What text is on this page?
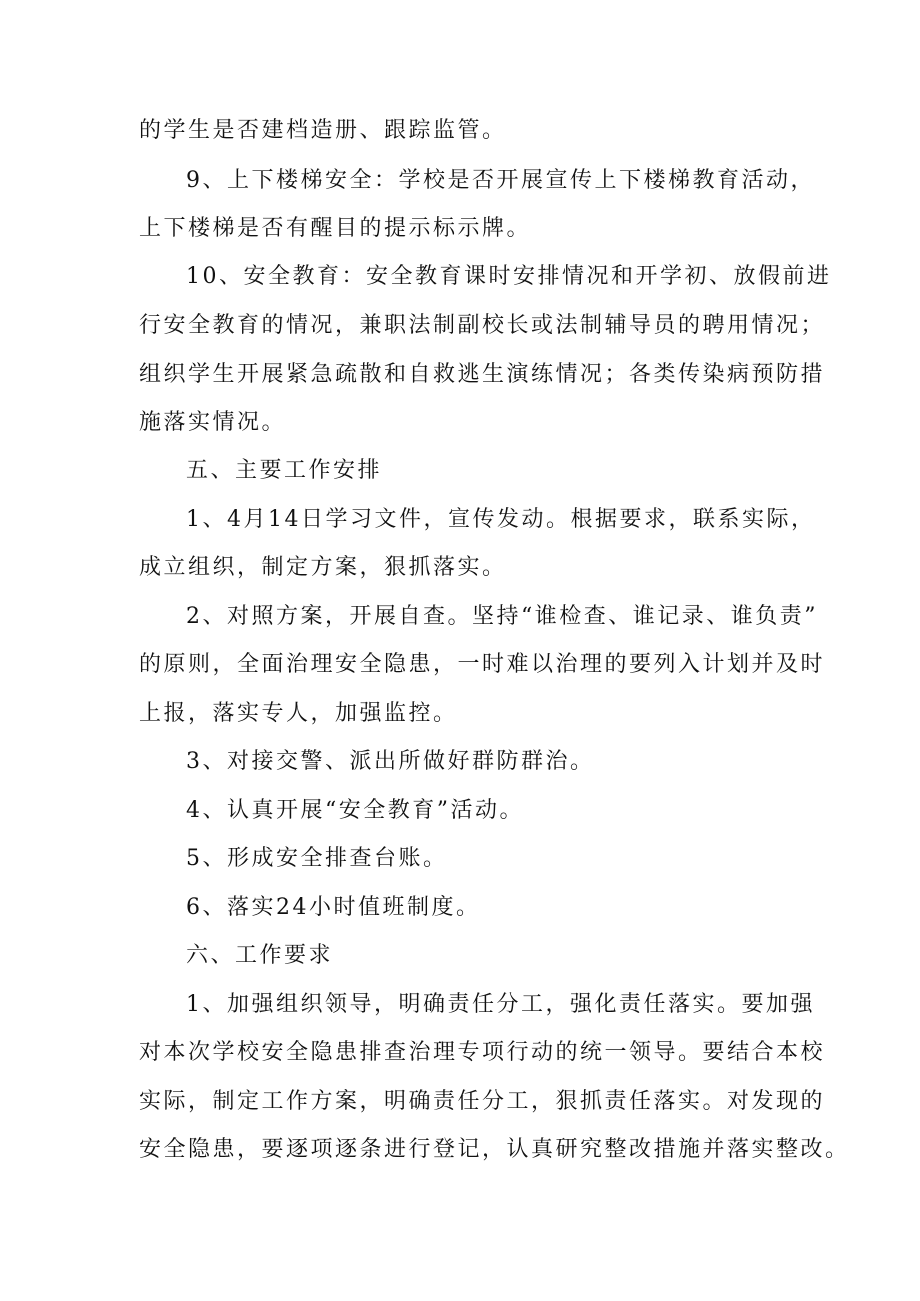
的学生是否建档造册、跟踪监管。
9、上下楼梯安全：学校是否开展宣传上下楼梯教育活动，
上下楼梯是否有醒目的提示标示牌。
10、安全教育：安全教育课时安排情况和开学初、放假前进
行安全教育的情况，兼职法制副校长或法制辅导员的聘用情况；
组织学生开展紧急疏散和自救逃生演练情况；各类传染病预防措
施落实情况。
五、主要工作安排
1、4月14日学习文件，宣传发动。根据要求，联系实际，
成立组织，制定方案，狠抓落实。
2、对照方案，开展自查。坚持“谁检查、谁记录、谁负责”
的原则，全面治理安全隐患，一时难以治理的要列入计划并及时
上报，落实专人，加强监控。
3、对接交警、派出所做好群防群治。
4、认真开展“安全教育”活动。
5、形成安全排查台账。
6、落实24小时值班制度。
六、工作要求
1、加强组织领导，明确责任分工，强化责任落实。要加强
对本次学校安全隐患排查治理专项行动的统一领导。要结合本校
实际，制定工作方案，明确责任分工，狠抓责任落实。对发现的
安全隐患，要逐项逐条进行登记，认真研究整改措施并落实整改。
